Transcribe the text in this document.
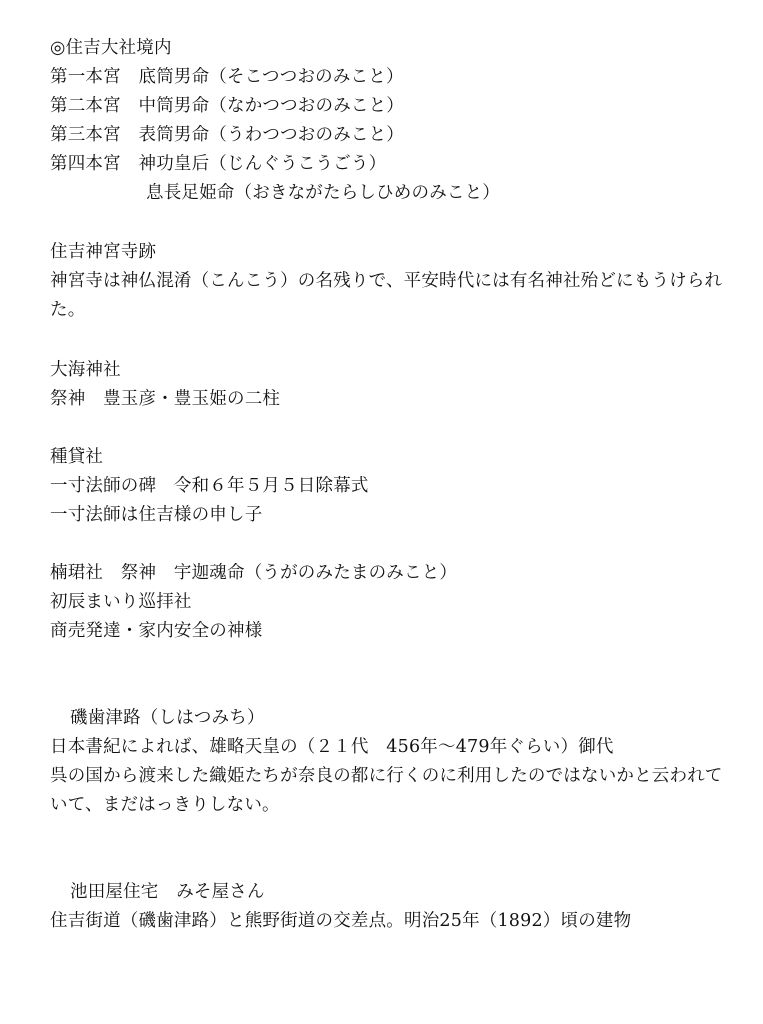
◎住吉大社境内
第一本宮　底筒男命（そこつつおのみこと）
第二本宮　中筒男命（なかつつおのみこと）
第三本宮　表筒男命（うわつつおのみこと）
第四本宮　神功皇后（じんぐうこうごう）
息長足姫命（おきながたらしひめのみこと）
住吉神宮寺跡
神宮寺は神仏混淆（こんこう）の名残りで、平安時代には有名神社殆どにもうけられた。
大海神社
祭神　豊玉彦・豊玉姫の二柱
種貸社
一寸法師の碑　令和６年５月５日除幕式
一寸法師は住吉様の申し子
楠珺社　祭神　宇迦魂命（うがのみたまのみこと）
初辰まいり巡拝社
商売発達・家内安全の神様
磯歯津路（しはつみち）
日本書紀によれば、雄略天皇の（２１代　456年～479年ぐらい）御代
呉の国から渡来した織姫たちが奈良の都に行くのに利用したのではないかと云われていて、まだはっきりしない。
池田屋住宅　みそ屋さん
住吉街道（磯歯津路）と熊野街道の交差点。明治25年（1892）頃の建物
